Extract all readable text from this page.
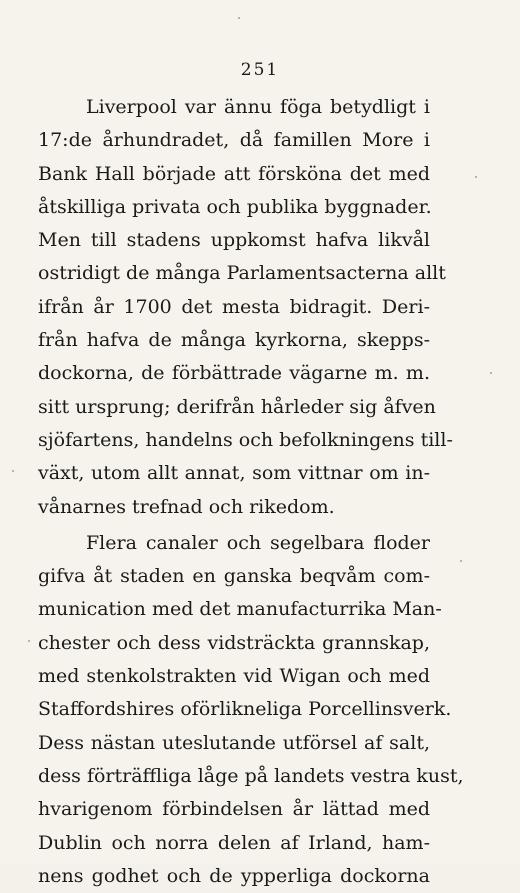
251
Liverpool var ännu föga betydligt i
17:de århundradet, då famillen More i
Bank Hall började att försköna det med
åtskilliga privata och publika byggnader.
Men till stadens uppkomst hafva likvål
ostridigt de många Parlamentsacterna allt
ifrån år 1700 det mesta bidragit. Deri-
från hafva de många kyrkorna, skepps-
dockorna, de förbättrade vägarne m. m.
sitt ursprung; derifrån hårleder sig åfven
sjöfartens, handelns och befolkningens till-
växt, utom allt annat, som vittnar om in-
vånarnes trefnad och rikedom.
Flera canaler och segelbara floder
gifva åt staden en ganska beqvåm com-
munication med det manufacturrika Man-
chester och dess vidsträckta grannskap,
med stenkolstrakten vid Wigan och med
Staffordshires oförlikneliga Porcellinsverk.
Dess nästan uteslutande utförsel af salt,
dess förträffliga låge på landets vestra kust,
hvarigenom förbindelsen år lättad med
Dublin och norra delen af Irland, ham-
nens godhet och de ypperliga dockorna
